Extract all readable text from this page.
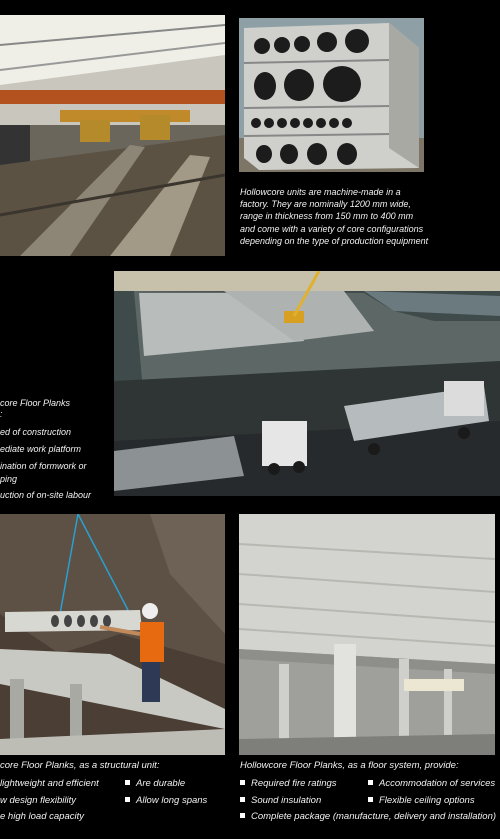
Hollowcore units are machine-made in a factory. They are nominally 1200 mm wide, range in thickness from 150 mm to 400 mm and come with a variety of core configurations depending on the type of production equipment
core Floor Planks
:
ed of construction
ediate work platform
ination of formwork or
ping
uction of on-site labour
core Floor Planks, as a structural unit:
lightweight and efficient
w design flexibility
e high load capacity
Are durable
Allow long spans
Hollowcore Floor Planks, as a floor system, provide:
Required fire ratings
Sound insulation
Complete package (manufacture, delivery and installation)
Accommodation of services
Flexible ceiling options
